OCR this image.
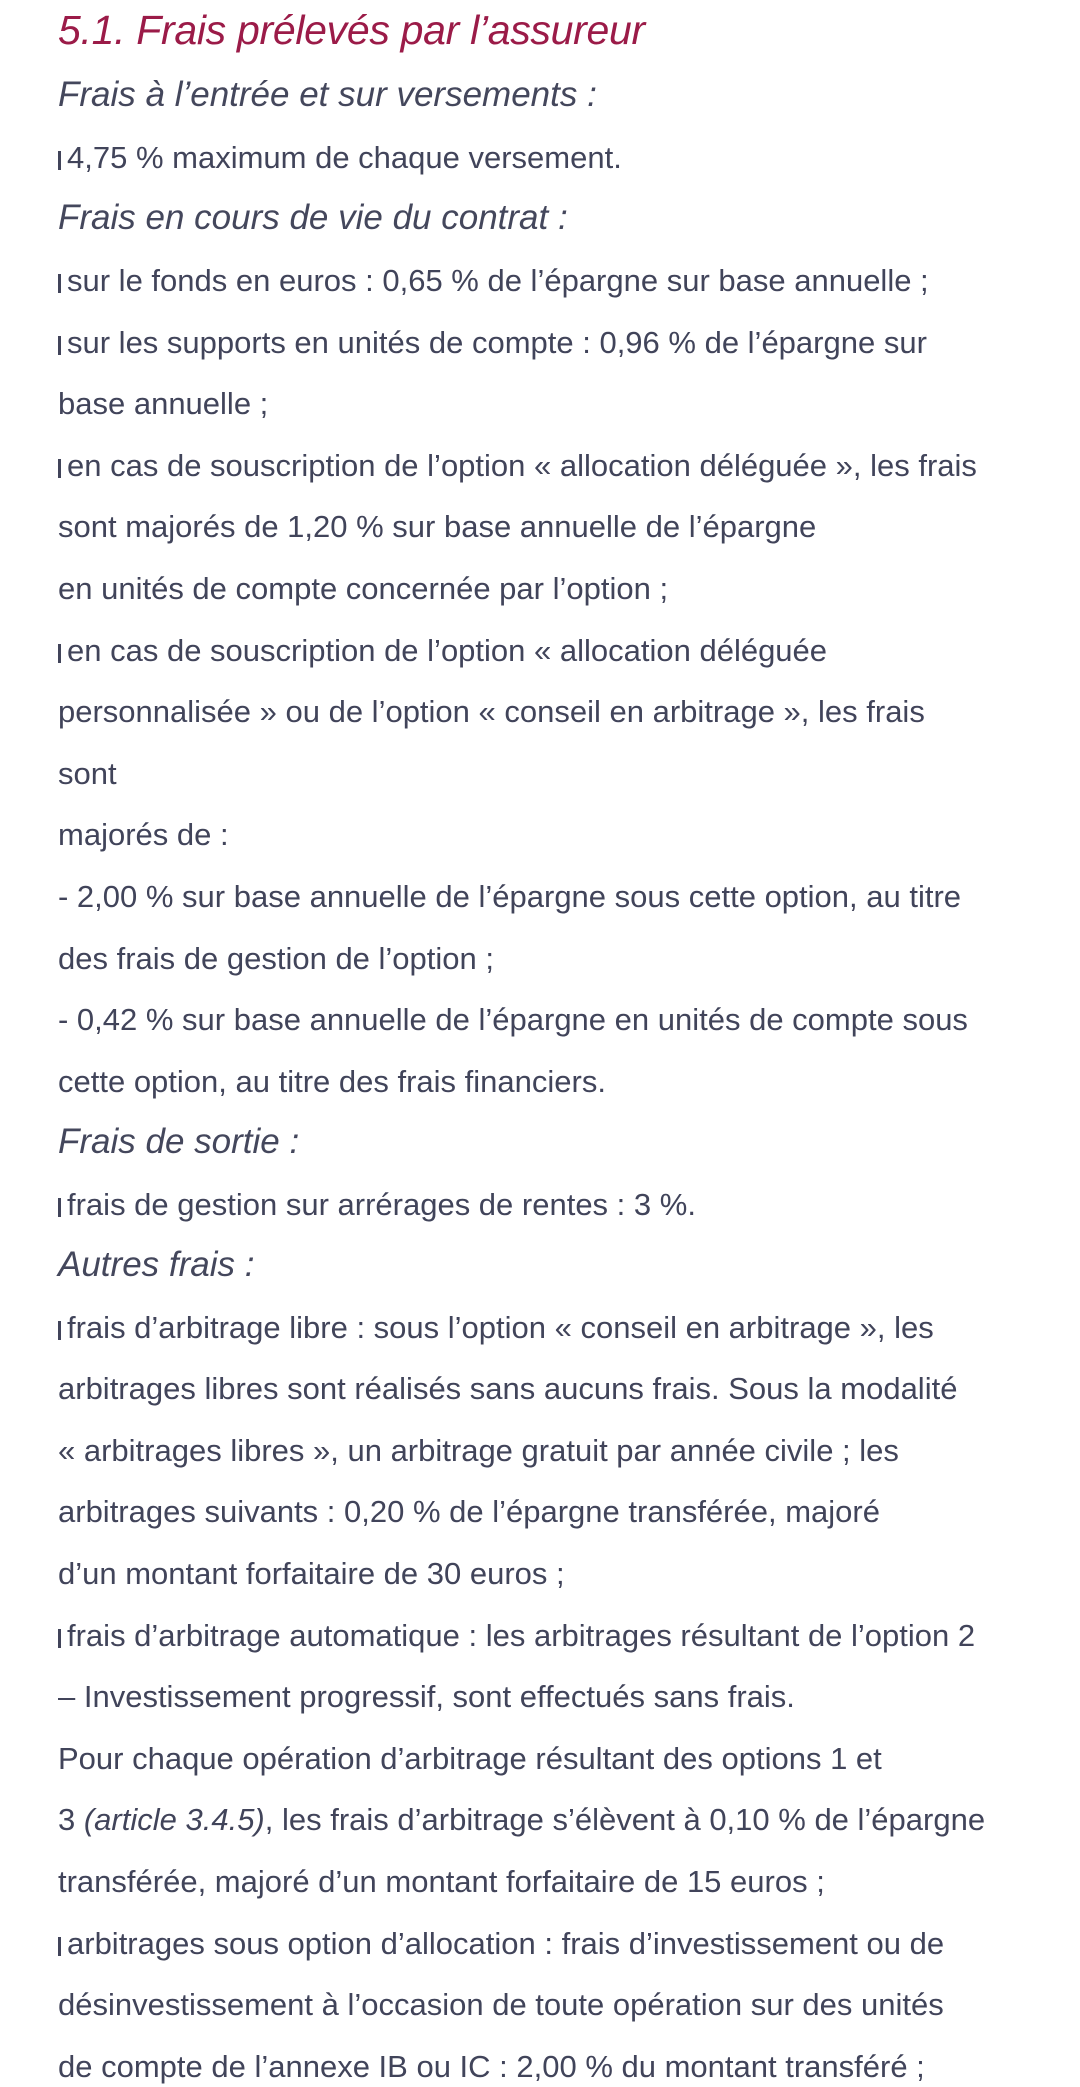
5.1. Frais prélevés par l’assureur
Frais à l’entrée et sur versements :
4,75 % maximum de chaque versement.
Frais en cours de vie du contrat :
sur le fonds en euros : 0,65 % de l’épargne sur base annuelle ;
sur les supports en unités de compte : 0,96 % de l’épargne sur
base annuelle ;
en cas de souscription de l’option « allocation déléguée », les frais
sont majorés de 1,20 % sur base annuelle de l’épargne
en unités de compte concernée par l’option ;
en cas de souscription de l’option « allocation déléguée
personnalisée » ou de l’option « conseil en arbitrage », les frais
sont
majorés de :
- 2,00 % sur base annuelle de l’épargne sous cette option, au titre
des frais de gestion de l’option ;
- 0,42 % sur base annuelle de l’épargne en unités de compte sous
cette option, au titre des frais financiers.
Frais de sortie :
frais de gestion sur arrérages de rentes : 3 %.
Autres frais :
frais d’arbitrage libre : sous l’option « conseil en arbitrage », les
arbitrages libres sont réalisés sans aucuns frais. Sous la modalité
« arbitrages libres », un arbitrage gratuit par année civile ; les
arbitrages suivants : 0,20 % de l’épargne transférée, majoré
d’un montant forfaitaire de 30 euros ;
frais d’arbitrage automatique : les arbitrages résultant de l’option 2
– Investissement progressif, sont effectués sans frais.
Pour chaque opération d’arbitrage résultant des options 1 et
3 (article 3.4.5), les frais d’arbitrage s’élèvent à 0,10 % de l’épargne
transférée, majoré d’un montant forfaitaire de 15 euros ;
arbitrages sous option d’allocation : frais d’investissement ou de
désinvestissement à l’occasion de toute opération sur des unités
de compte de l’annexe IB ou IC : 2,00 % du montant transféré ;
